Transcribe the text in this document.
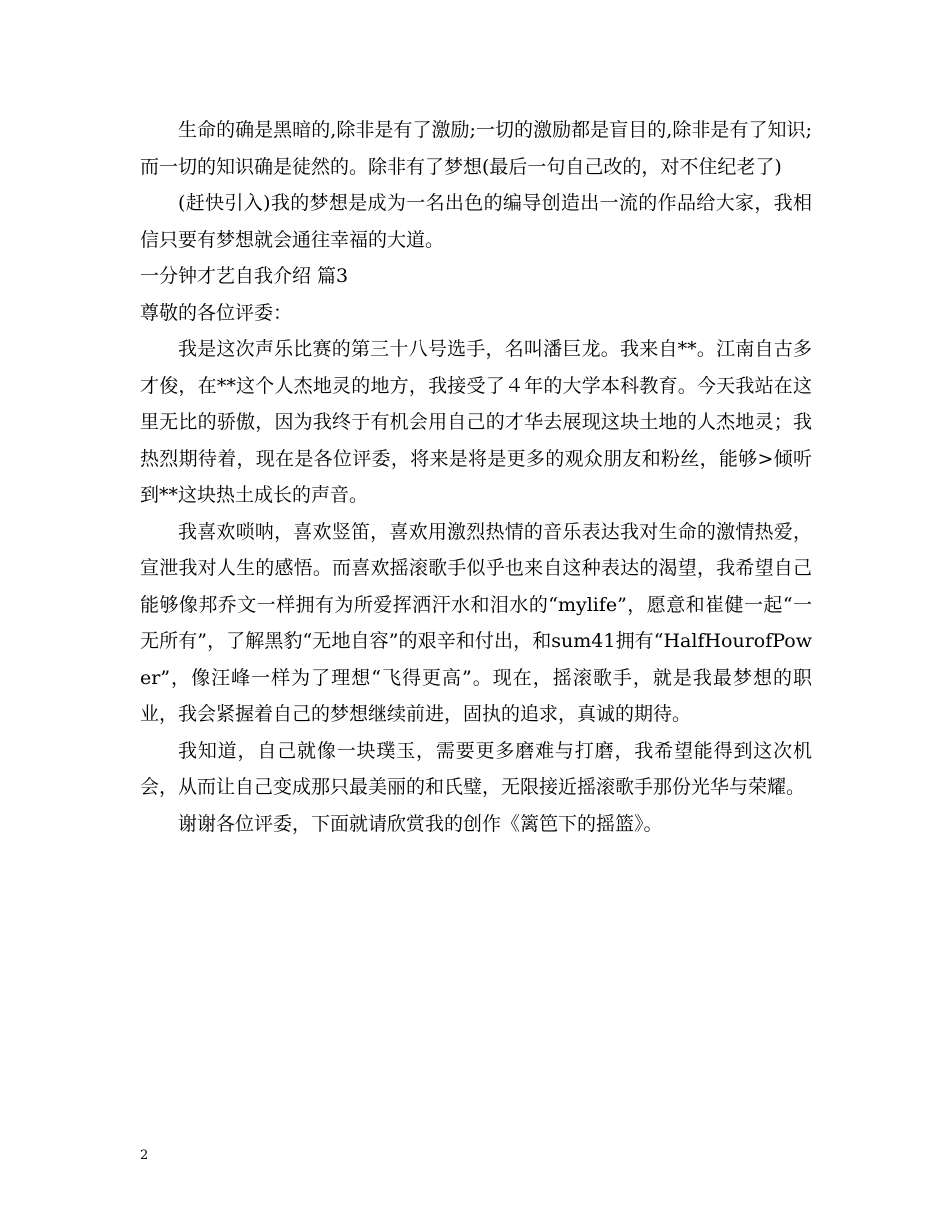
生命的确是黑暗的,除非是有了激励;一切的激励都是盲目的,除非是有了知识;而一切的知识确是徒然的。除非有了梦想(最后一句自己改的，对不住纪老了)

(赶快引入)我的梦想是成为一名出色的编导创造出一流的作品给大家，我相信只要有梦想就会通往幸福的大道。

一分钟才艺自我介绍 篇3

尊敬的各位评委：

我是这次声乐比赛的第三十八号选手，名叫潘巨龙。我来自**。江南自古多才俊，在**这个人杰地灵的地方，我接受了４年的大学本科教育。今天我站在这里无比的骄傲，因为我终于有机会用自己的才华去展现这块土地的人杰地灵；我热烈期待着，现在是各位评委，将来是将是更多的观众朋友和粉丝，能够>倾听到**这块热土成长的声音。

我喜欢唢呐，喜欢竖笛，喜欢用激烈热情的音乐表达我对生命的激情热爱，宣泄我对人生的感悟。而喜欢摇滚歌手似乎也来自这种表达的渴望，我希望自己能够像邦乔文一样拥有为所爱挥洒汗水和泪水的“mylife”，愿意和崔健一起“一无所有”，了解黑豹“无地自容”的艰辛和付出，和sum41拥有“HalfHourofPower”，像汪峰一样为了理想“飞得更高”。现在，摇滚歌手，就是我最梦想的职业，我会紧握着自己的梦想继续前进，固执的追求，真诚的期待。

我知道，自己就像一块璞玉，需要更多磨难与打磨，我希望能得到这次机会，从而让自己变成那只最美丽的和氏璧，无限接近摇滚歌手那份光华与荣耀。

谢谢各位评委，下面就请欣赏我的创作《篱笆下的摇篮》。

2
